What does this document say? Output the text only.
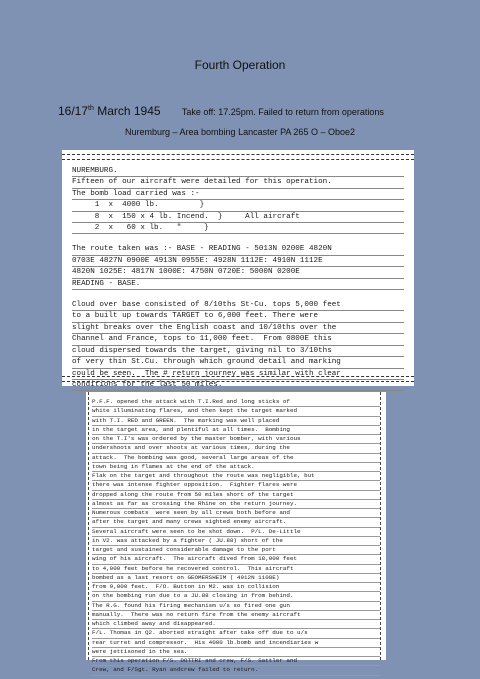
Fourth Operation
16/17th March 1945 Take off: 17.25pm. Failed to return from operations
Nuremburg – Area bombing Lancaster PA 265 O – Oboe2
NUREMBURG.
Fifteen of our aircraft were detailed for this operation.
The bomb load carried was :-
1  x  4000 lb.         }
8  x  150 x 4 lb. Incend.  }     All aircraft
2  x   60 x lb.   "     }
The route taken was :- BASE - READING - 5013N 0200E 4820N
0703E 4827N 0900E 4913N 0955E: 4928N 1112E: 4910N 1112E
4820N 1025E: 4817N 1000E: 4750N 0720E: 5000N 0200E
READING - BASE.
Cloud over base consisted of 8/10ths St-Cu. tops 5,000 feet
to a built up towards TARGET to 6,000 feet. There were
slight breaks over the English coast and 10/10ths over the
Channel and France, tops to 11,000 feet.  From 0800E this
cloud dispersed towards the target, giving nil to 3/10ths
of very thin St.Cu. through which ground detail and marking
could be seen.  The # return journey was similar with clear
conditions for the last 50 miles.
P.F.F. opened the attack with T.I.Red and long sticks of
white illuminating flares, and then kept the target marked
with T.I. RED and GREEN.  The marking was well placed
in the target area, and plentiful at all times.  Bombing
on the T.I's was ordered by the master bomber, with various
undershoots and over shoots at various times, during the
attack.  The bombing was good, several large areas of the
town being in flames at the end of the attack.
Flak on the target and throughout the route was negligible, but
there was intense fighter opposition.  Fighter flares were
dropped along the route from 50 miles short of the target
almost as far as crossing the Rhine on the return journey.
Numerous combats  were seen by all crews both before and
after the target and many crews sighted enemy aircraft.
Several aircraft were seen to be shot down.  P/L. De-Little
in V2. was attacked by a fighter ( JU.88) short of the
target and sustained considerable damage to the port
wing of his aircraft.  The aircraft dived from 18,000 feet
to 4,000 feet before he recovered control.  This aircraft
bombed as a last resort on GEOMERSHEIM ( 4912N 1108E)
from 9,000 feet.  F/O. Button in M2. was in collision
on the bombing run due to a JU.88 closing in from behind.
The R.G. found his firing mechanism u/s so fired one gun
manually.  There was no return fire from the enemy aircraft
which climbed away and disappeared.
F/L. Thomas in Q2. aborted straight after take off due to u/s
rear turret and compressor.  His 4000 lb.bomb and incendiaries w
were jettisoned in the sea.
From this operation F/S. DOTTRI and crew, F/S. Sattler and
Crew, and F/Sgt. Ryan andcrew failed to return.
